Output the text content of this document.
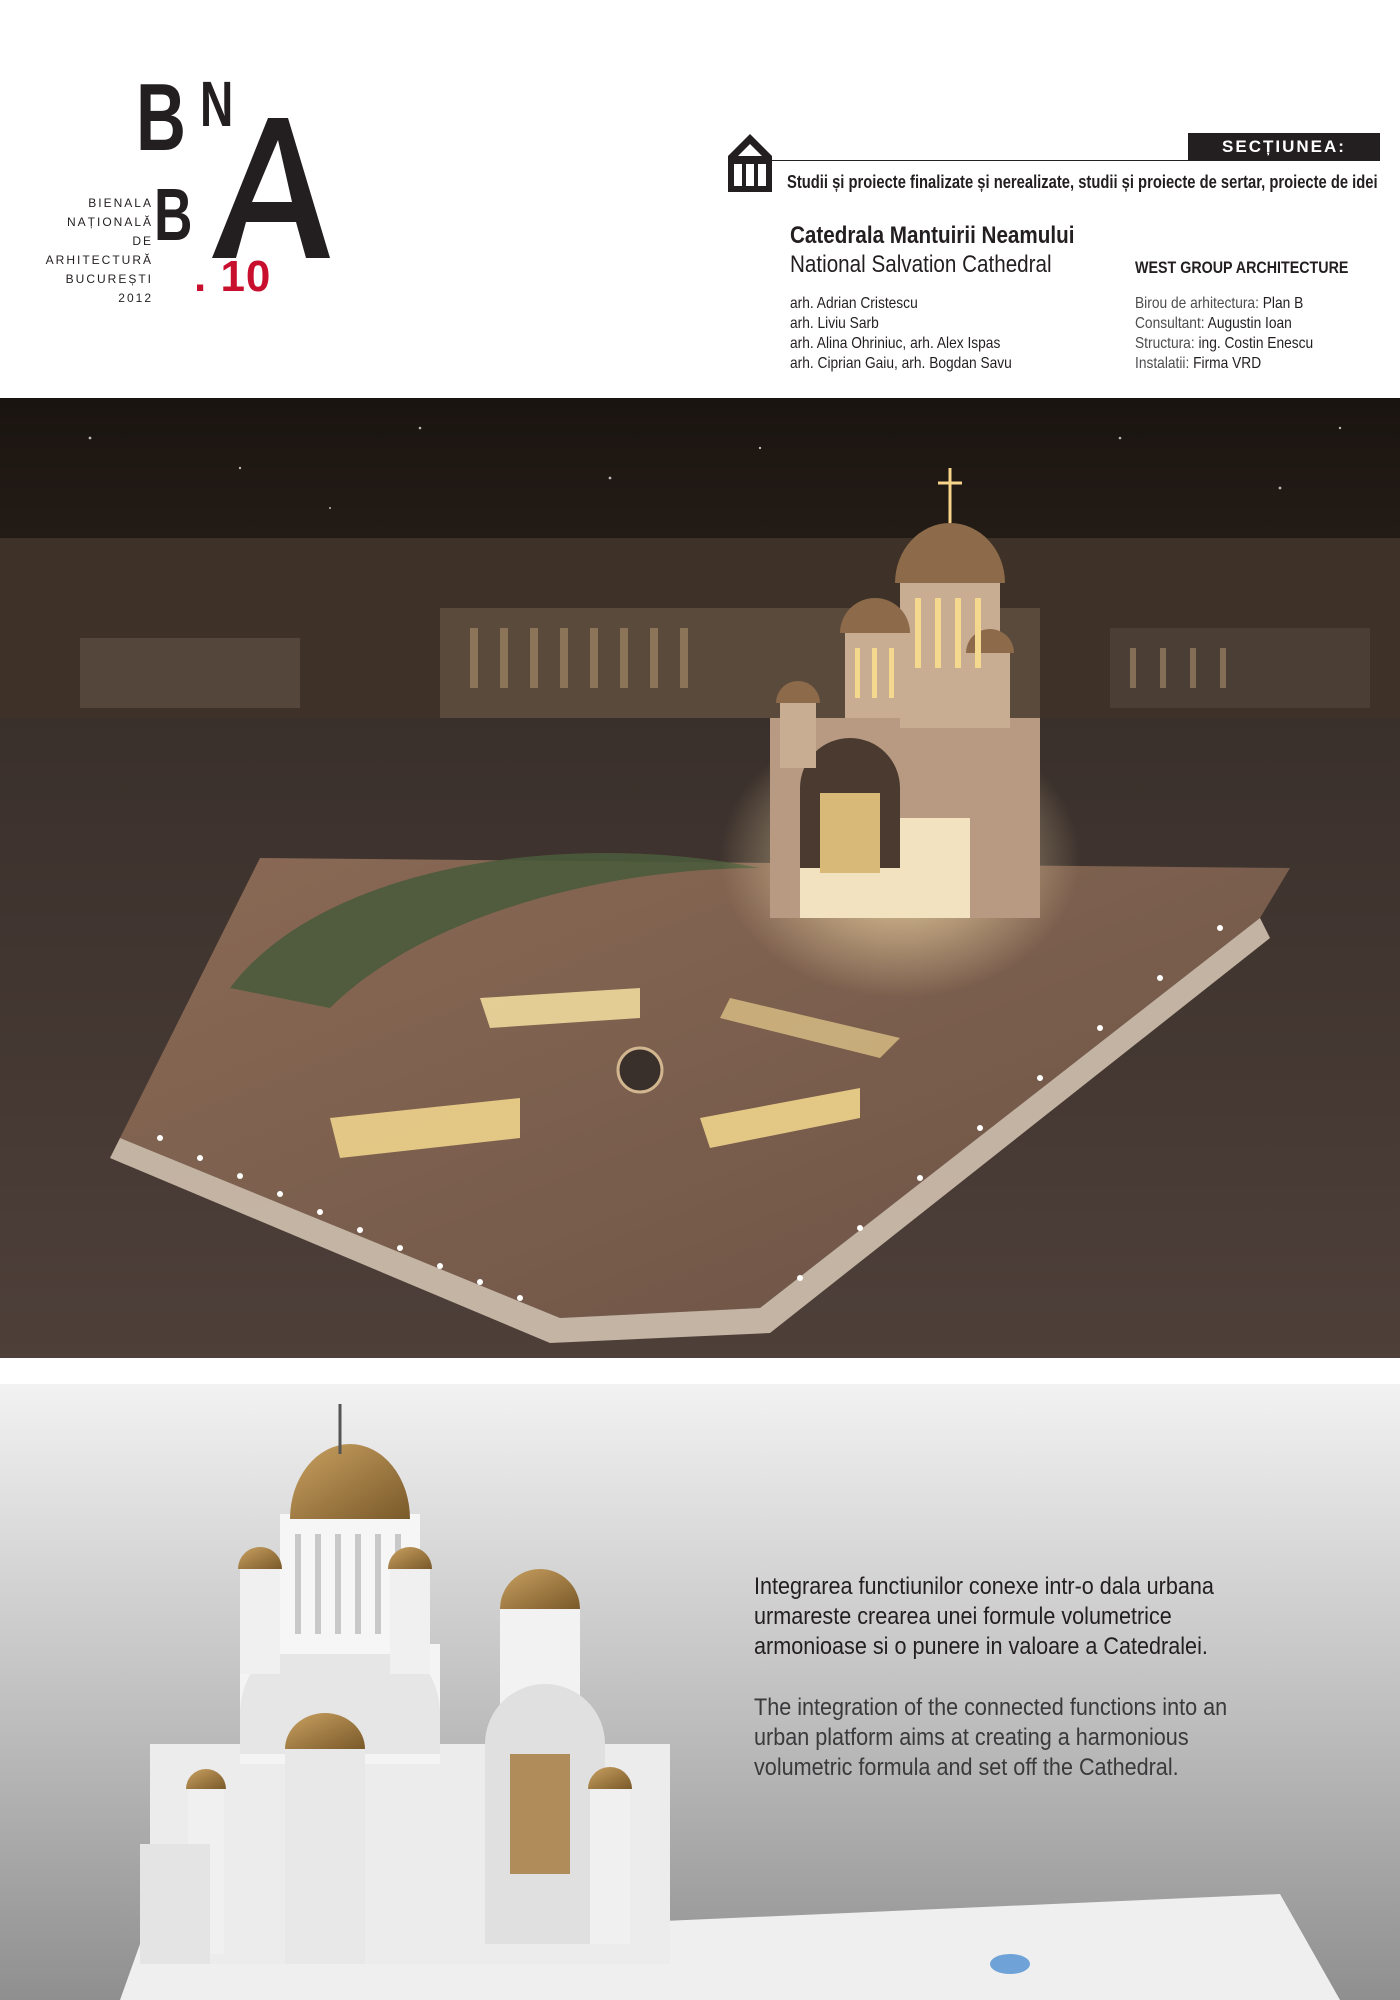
B N
B
. 10
BIENALA
NAȚIONALĂ
DE
ARHITECTURĂ
BUCUREȘTI
2012
SECȚIUNEA:
Studii și proiecte finalizate și nerealizate, studii și proiecte de sertar, proiecte de idei
Catedrala Mantuirii Neamului
National Salvation Cathedral	WEST GROUP ARCHITECTURE
arh. Adrian Cristescu
arh. Liviu Sarb
arh. Alina Ohriniuc, arh. Alex Ispas
arh. Ciprian Gaiu, arh. Bogdan Savu
Birou de arhitectura: Plan B
Consultant: Augustin Ioan
Structura: ing. Costin Enescu
Instalatii: Firma VRD
Integrarea functiunilor conexe intr-o dala urbana
urmareste crearea unei formule volumetrice
armonioase si o punere in valoare a Catedralei.
The integration of the connected functions into an
urban platform aims at creating a harmonious
volumetric formula and set off the Cathedral.
